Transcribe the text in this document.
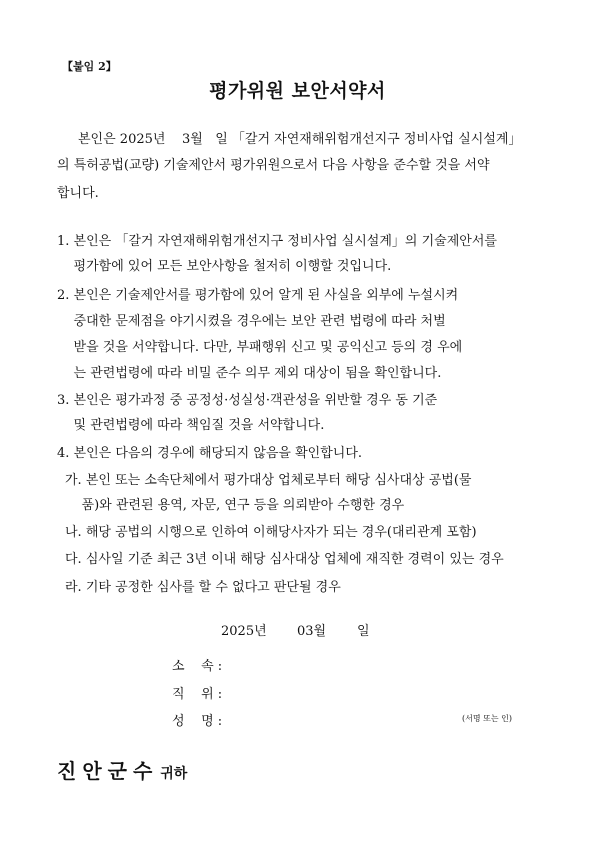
【붙임 2】
평가위원 보안서약서
본인은 2025년    3월   일 「갈거 자연재해위험개선지구 정비사업 실시설계」
의 특허공법(교량) 기술제안서 평가위원으로서 다음 사항을 준수할 것을 서약
합니다.
1. 본인은 「갈거 자연재해위험개선지구 정비사업 실시설계」의 기술제안서를
평가함에 있어 모든 보안사항을 철저히 이행할 것입니다.
2. 본인은 기술제안서를 평가함에 있어 알게 된 사실을 외부에 누설시켜
중대한 문제점을 야기시켰을 경우에는 보안 관련 법령에 따라 처벌
받을 것을 서약합니다. 다만, 부패행위 신고 및 공익신고 등의 경 우에
는 관련법령에 따라 비밀 준수 의무 제외 대상이 됨을 확인합니다.
3. 본인은 평가과정 중 공정성·성실성·객관성을 위반할 경우 동 기준
및 관련법령에 따라 책임질 것을 서약합니다.
4. 본인은 다음의 경우에 해당되지 않음을 확인합니다.
가. 본인 또는 소속단체에서 평가대상 업체로부터 해당 심사대상 공법(물
품)와 관련된 용역, 자문, 연구 등을 의뢰받아 수행한 경우
나. 해당 공법의 시행으로 인하여 이해당사자가 되는 경우(대리관계 포함)
다. 심사일 기준 최근 3년 이내 해당 심사대상 업체에 재직한 경력이 있는 경우
라. 기타 공정한 심사를 할 수 없다고 판단될 경우
2025년 03월 일
소    속 :
직    위 :
성    명 :	(서명 또는 인)
진안군수 귀하
